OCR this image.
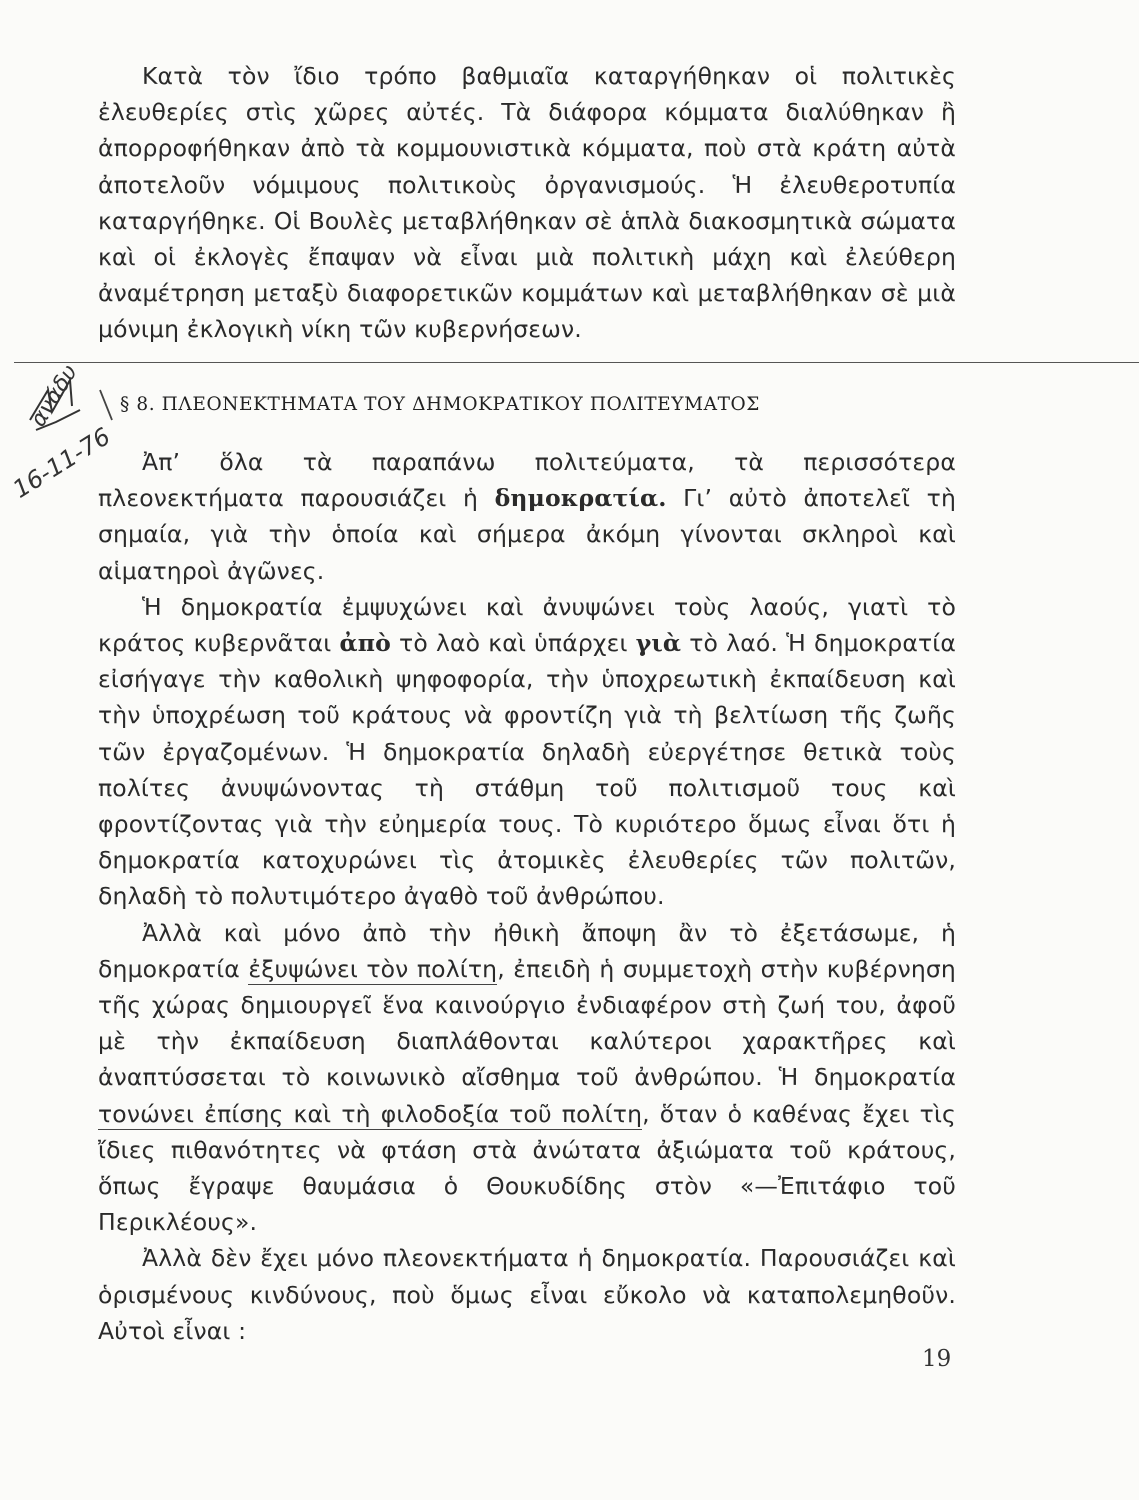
Κατὰ τὸν ἴδιο τρόπο βαθμιαῖα καταργήθηκαν οἱ πολιτικὲς ἐλευθερίες στὶς χῶρες αὐτές. Τὰ διάφορα κόμματα διαλύθηκαν ἢ ἀπορροφήθηκαν ἀπὸ τὰ κομμουνιστικὰ κόμματα, ποὺ στὰ κράτη αὐτὰ ἀποτελοῦν νόμιμους πολιτικοὺς ὀργανισμούς. Ἡ ἐλευθεροτυπία καταργήθηκε. Οἱ Βουλὲς μεταβλήθηκαν σὲ ἁπλὰ διακοσμητικὰ σώματα καὶ οἱ ἐκλογὲς ἔπαψαν νὰ εἶναι μιὰ πολιτικὴ μάχη καὶ ἐλεύθερη ἀναμέτρηση μεταξὺ διαφορετικῶν κομμάτων καὶ μεταβλήθηκαν σὲ μιὰ μόνιμη ἐκλογικὴ νίκη τῶν κυβερνήσεων.

ανάδυ
16-11-76
§ 8. ΠΛΕΟΝΕΚΤΗΜΑΤΑ ΤΟΥ ΔΗΜΟΚΡΑΤΙΚΟΥ ΠΟΛΙΤΕΥΜΑΤΟΣ

Ἀπ’ ὅλα τὰ παραπάνω πολιτεύματα, τὰ περισσότερα πλεονεκτήματα παρουσιάζει ἡ δημοκρατία. Γι’ αὐτὸ ἀποτελεῖ τὴ σημαία, γιὰ τὴν ὁποία καὶ σήμερα ἀκόμη γίνονται σκληροὶ καὶ αἱματηροὶ ἀγῶνες.

Ἡ δημοκρατία ἐμψυχώνει καὶ ἀνυψώνει τοὺς λαούς, γιατὶ τὸ κράτος κυβερνᾶται ἀπὸ τὸ λαὸ καὶ ὑπάρχει γιὰ τὸ λαό. Ἡ δημοκρατία εἰσήγαγε τὴν καθολικὴ ψηφοφορία, τὴν ὑποχρεωτικὴ ἐκπαίδευση καὶ τὴν ὑποχρέωση τοῦ κράτους νὰ φροντίζη γιὰ τὴ βελτίωση τῆς ζωῆς τῶν ἐργαζομένων. Ἡ δημοκρατία δηλαδὴ εὐεργέτησε θετικὰ τοὺς πολίτες ἀνυψώνοντας τὴ στάθμη τοῦ πολιτισμοῦ τους καὶ φροντίζοντας γιὰ τὴν εὐημερία τους. Τὸ κυριότερο ὅμως εἶναι ὅτι ἡ δημοκρατία κατοχυρώνει τὶς ἀτομικὲς ἐλευθερίες τῶν πολιτῶν, δηλαδὴ τὸ πολυτιμότερο ἀγαθὸ τοῦ ἀνθρώπου.

Ἀλλὰ καὶ μόνο ἀπὸ τὴν ἠθικὴ ἄποψη ἂν τὸ ἐξετάσωμε, ἡ δημοκρατία ἐξυψώνει τὸν πολίτη, ἐπειδὴ ἡ συμμετοχὴ στὴν κυβέρνηση τῆς χώρας δημιουργεῖ ἕνα καινούργιο ἐνδιαφέρον στὴ ζωή του, ἀφοῦ μὲ τὴν ἐκπαίδευση διαπλάθονται καλύτεροι χαρακτῆρες καὶ ἀναπτύσσεται τὸ κοινωνικὸ αἴσθημα τοῦ ἀνθρώπου. Ἡ δημοκρατία τονώνει ἐπίσης καὶ τὴ φιλοδοξία τοῦ πολίτη, ὅταν ὁ καθένας ἔχει τὶς ἴδιες πιθανότητες νὰ φτάση στὰ ἀνώτατα ἀξιώματα τοῦ κράτους, ὅπως ἔγραψε θαυμάσια ὁ Θουκυδίδης στὸν «—Ἐπιτάφιο τοῦ Περικλέους».

Ἀλλὰ δὲν ἔχει μόνο πλεονεκτήματα ἡ δημοκρατία. Παρουσιάζει καὶ ὁρισμένους κινδύνους, ποὺ ὅμως εἶναι εὔκολο νὰ καταπολεμηθοῦν. Αὐτοὶ εἶναι :

19
